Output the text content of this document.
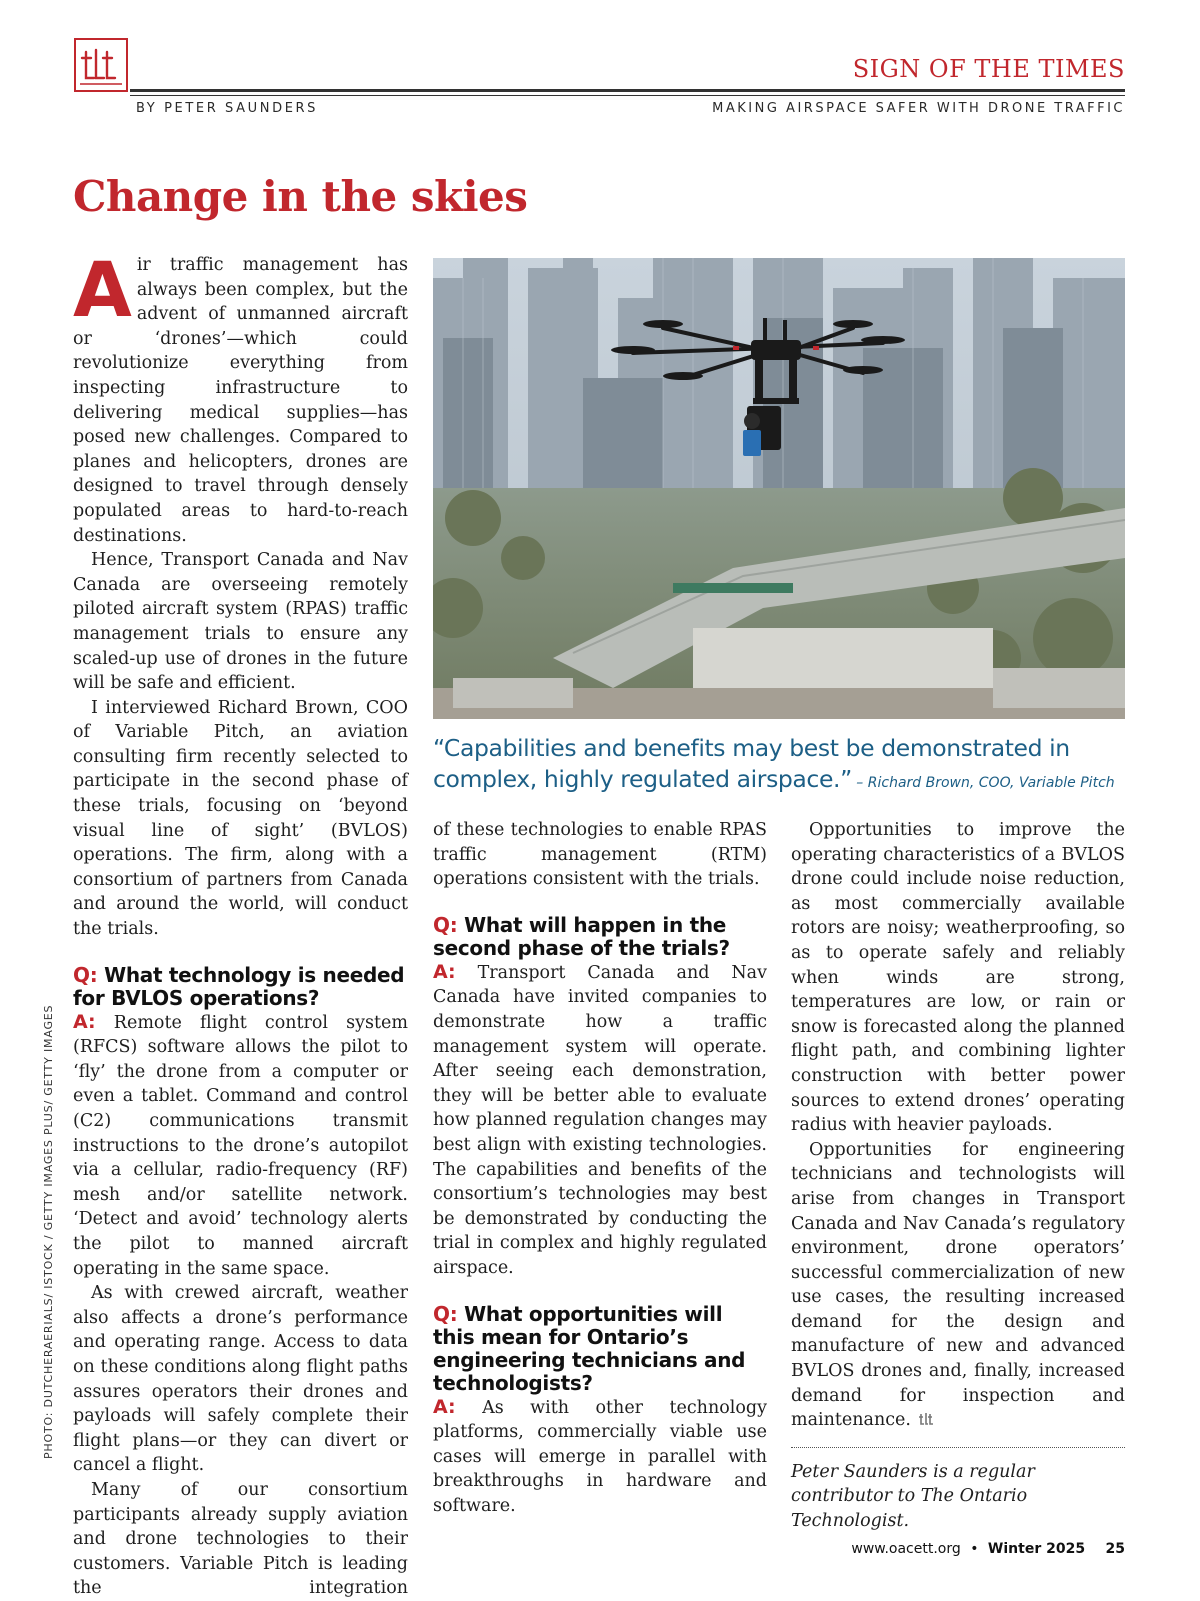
SIGN OF THE TIMES
BY PETER SAUNDERS	MAKING AIRSPACE SAFER WITH DRONE TRAFFIC
Change in the skies

Air traffic management has always been complex, but the advent of unmanned aircraft or ‘drones’—which could revolutionize everything from inspecting infrastructure to delivering medical supplies—has posed new challenges. Compared to planes and helicopters, drones are designed to travel through densely populated areas to hard-to-reach destinations.

Hence, Transport Canada and Nav Canada are overseeing remotely piloted aircraft system (RPAS) traffic management trials to ensure any scaled-up use of drones in the future will be safe and efficient.

I interviewed Richard Brown, COO of Variable Pitch, an aviation consulting firm recently selected to participate in the second phase of these trials, focusing on ‘beyond visual line of sight’ (BVLOS) operations. The firm, along with a consortium of partners from Canada and around the world, will conduct the trials.

Q: What technology is needed for BVLOS operations?

A: Remote flight control system (RFCS) software allows the pilot to ‘fly’ the drone from a computer or even a tablet. Command and control (C2) communications transmit instructions to the drone’s autopilot via a cellular, radio-frequency (RF) mesh and/or satellite network. ‘Detect and avoid’ technology alerts the pilot to manned aircraft operating in the same space.

As with crewed aircraft, weather also affects a drone’s performance and operating range. Access to data on these conditions along flight paths assures operators their drones and payloads will safely complete their flight plans—or they can divert or cancel a flight.

Many of our consortium participants already supply aviation and drone technologies to their customers. Variable Pitch is leading the integration

“Capabilities and benefits may best be demonstrated in complex, highly regulated airspace.” – Richard Brown, COO, Variable Pitch

of these technologies to enable RPAS traffic management (RTM) operations consistent with the trials.

Q: What will happen in the second phase of the trials?

A: Transport Canada and Nav Canada have invited companies to demonstrate how a traffic management system will operate. After seeing each demonstration, they will be better able to evaluate how planned regulation changes may best align with existing technologies. The capabilities and benefits of the consortium’s technologies may best be demonstrated by conducting the trial in complex and highly regulated airspace.

Q: What opportunities will this mean for Ontario’s engineering technicians and technologists?

A: As with other technology platforms, commercially viable use cases will emerge in parallel with breakthroughs in hardware and software.

Opportunities to improve the operating characteristics of a BVLOS drone could include noise reduction, as most commercially available rotors are noisy; weatherproofing, so as to operate safely and reliably when winds are strong, temperatures are low, or rain or snow is forecasted along the planned flight path, and combining lighter construction with better power sources to extend drones’ operating radius with heavier payloads.

Opportunities for engineering technicians and technologists will arise from changes in Transport Canada and Nav Canada’s regulatory environment, drone operators’ successful commercialization of new use cases, the resulting increased demand for the design and manufacture of new and advanced BVLOS drones and, finally, increased demand for inspection and maintenance.

Peter Saunders is a regular contributor to The Ontario Technologist.

PHOTO: DUTCHERAERIALS/ ISTOCK / GETTY IMAGES PLUS/ GETTY IMAGES
www.oacett.org • Winter 2025 25
